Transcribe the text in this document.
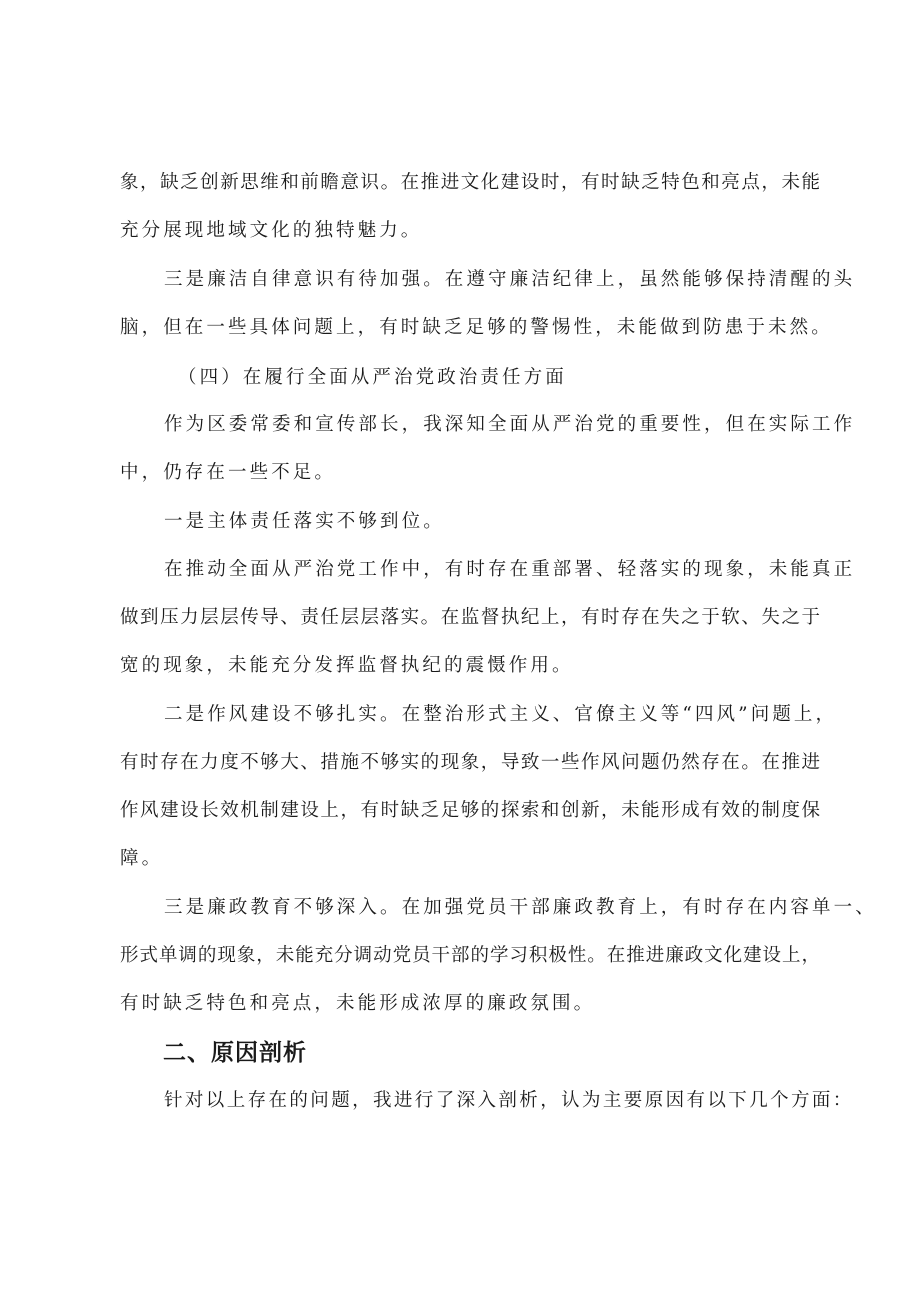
象，缺乏创新思维和前瞻意识。在推进文化建设时，有时缺乏特色和亮点，未能
充分展现地域文化的独特魅力。
三是廉洁自律意识有待加强。在遵守廉洁纪律上，虽然能够保持清醒的头
脑，但在一些具体问题上，有时缺乏足够的警惕性，未能做到防患于未然。
（四）在履行全面从严治党政治责任方面
作为区委常委和宣传部长，我深知全面从严治党的重要性，但在实际工作
中，仍存在一些不足。
一是主体责任落实不够到位。
在推动全面从严治党工作中，有时存在重部署、轻落实的现象，未能真正
做到压力层层传导、责任层层落实。在监督执纪上，有时存在失之于软、失之于
宽的现象，未能充分发挥监督执纪的震慑作用。
二是作风建设不够扎实。在整治形式主义、官僚主义等“四风”问题上，
有时存在力度不够大、措施不够实的现象，导致一些作风问题仍然存在。在推进
作风建设长效机制建设上，有时缺乏足够的探索和创新，未能形成有效的制度保
障。
三是廉政教育不够深入。在加强党员干部廉政教育上，有时存在内容单一、
形式单调的现象，未能充分调动党员干部的学习积极性。在推进廉政文化建设上，
有时缺乏特色和亮点，未能形成浓厚的廉政氛围。
二、原因剖析
针对以上存在的问题，我进行了深入剖析，认为主要原因有以下几个方面：
